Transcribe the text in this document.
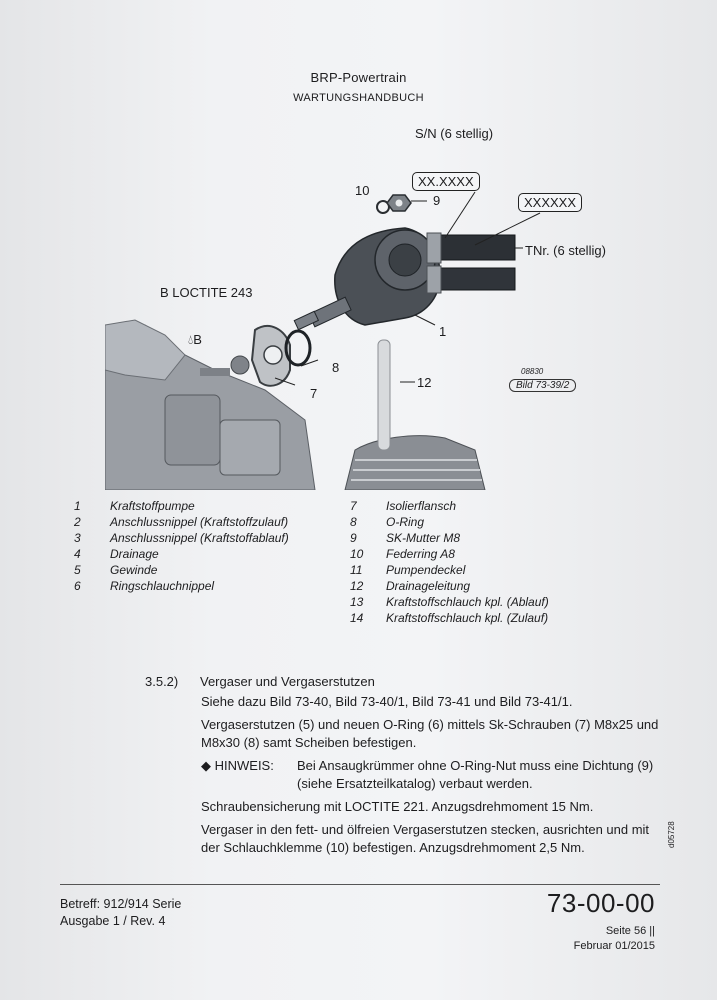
BRP-Powertrain
WARTUNGSHANDBUCH
S/N (6 stellig)
XX.XXXX
XXXXXX
TNr. (6 stellig)
B LOCTITE 243
💧︎B
10
9
1
8
7
12
08830
Bild 73-39/2
1	Kraftstoffpumpe
2	Anschlussnippel (Kraftstoffzulauf)
3	Anschlussnippel (Kraftstoffablauf)
4	Drainage
5	Gewinde
6	Ringschlauchnippel
7	Isolierflansch
8	O-Ring
9	SK-Mutter M8
10	Federring A8
11	Pumpendeckel
12	Drainageleitung
13	Kraftstoffschlauch kpl. (Ablauf)
14	Kraftstoffschlauch kpl. (Zulauf)
3.5.2)	Vergaser und Vergaserstutzen
Siehe dazu Bild 73-40, Bild 73-40/1, Bild 73-41 und Bild 73-41/1.
Vergaserstutzen (5) und neuen O-Ring (6) mittels Sk-Schrauben (7) M8x25 und M8x30 (8) samt Scheiben befestigen.
◆ HINWEIS:	Bei Ansaugkrümmer ohne O-Ring-Nut muss eine Dichtung (9) (siehe Ersatzteilkatalog) verbaut werden.
Schraubensicherung mit LOCTITE 221. Anzugsdrehmoment 15 Nm.
Vergaser in den fett- und ölfreien Vergaserstutzen stecken, ausrichten und mit der Schlauchklemme (10) befestigen. Anzugsdrehmoment 2,5 Nm.	d05728
Betreff: 912/914 Serie
Ausgabe 1 / Rev. 4
73-00-00
Seite 56 ||
Februar 01/2015
